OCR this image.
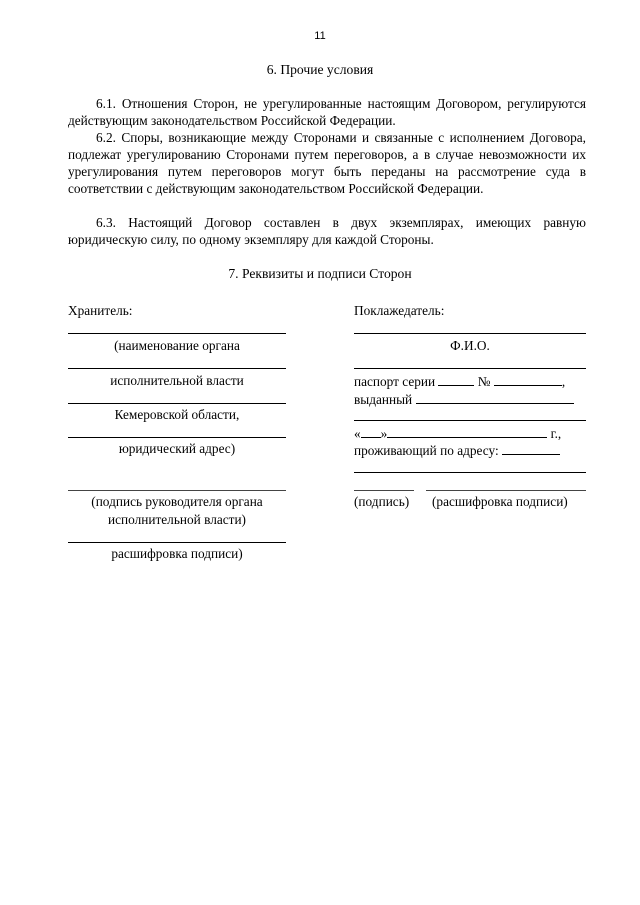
11
6. Прочие условия
6.1. Отношения Сторон, не урегулированные настоящим Договором, регулируются действующим законодательством Российской Федерации.
6.2. Споры, возникающие между Сторонами и связанные с исполнением Договора, подлежат урегулированию Сторонами путем переговоров, а в случае невозможности их урегулирования путем переговоров могут быть переданы на рассмотрение суда в соответствии с действующим законодательством Российской Федерации.
6.3. Настоящий Договор составлен в двух экземплярах, имеющих равную юридическую силу, по одному экземпляру для каждой Стороны.
7. Реквизиты и подписи Сторон
Хранитель:
(наименование органа
исполнительной власти
Кемеровской области,
юридический адрес)
(подпись руководителя органа
исполнительной власти)
расшифровка подписи)
Поклажедатель:
Ф.И.О.
паспорт серии	№	,
выданный
« »	г.,
проживающий по адресу:
(подпись) (расшифровка подписи)
